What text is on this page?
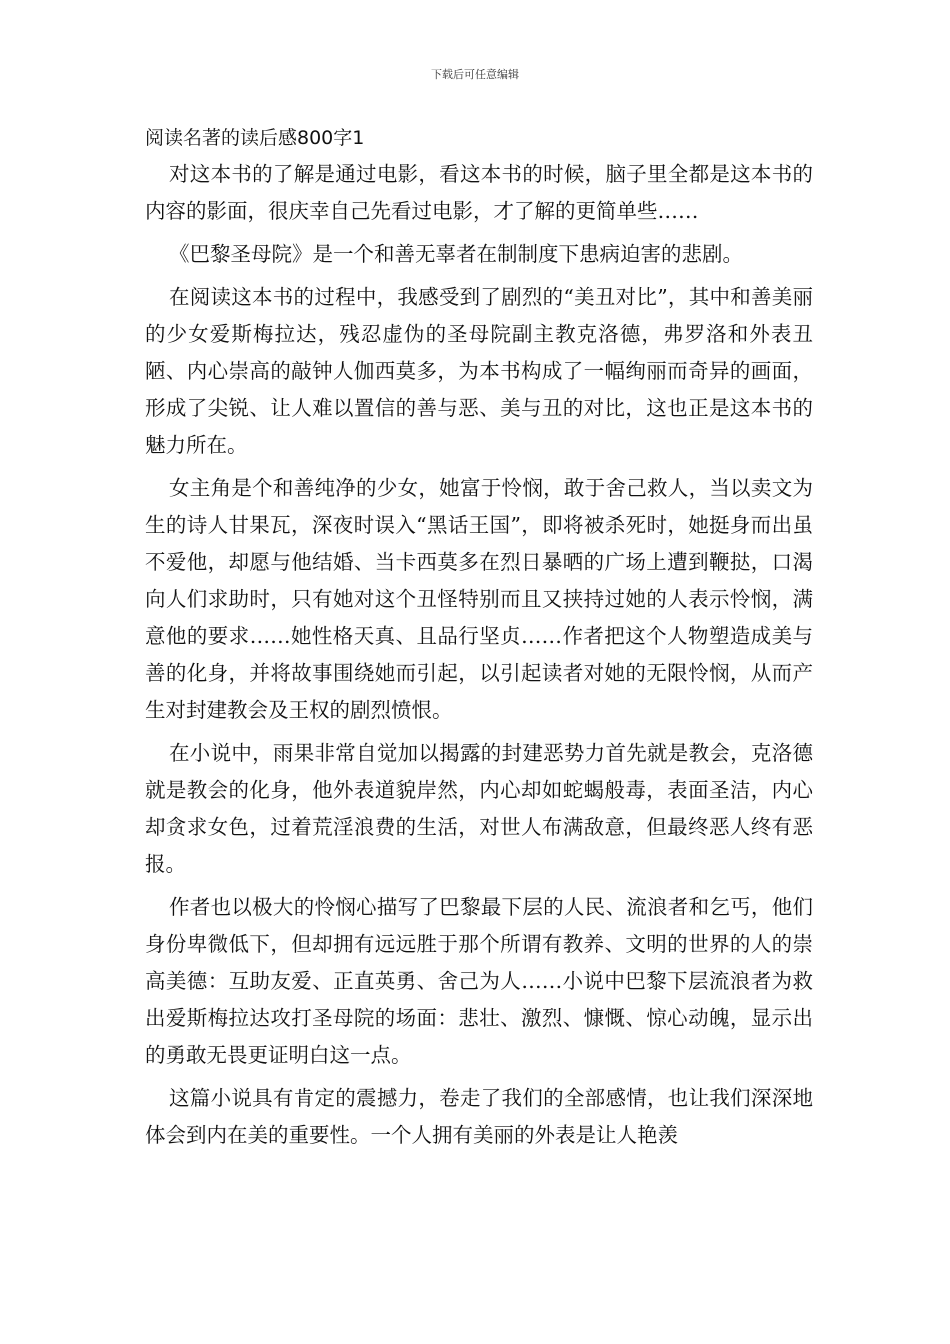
下载后可任意编辑
阅读名著的读后感800字1

对这本书的了解是通过电影，看这本书的时候，脑子里全都是这本书的内容的影面，很庆幸自己先看过电影，才了解的更简单些……

《巴黎圣母院》是一个和善无辜者在制制度下患病迫害的悲剧。

在阅读这本书的过程中，我感受到了剧烈的“美丑对比”，其中和善美丽的少女爱斯梅拉达，残忍虚伪的圣母院副主教克洛德，弗罗洛和外表丑陋、内心崇高的敲钟人伽西莫多，为本书构成了一幅绚丽而奇异的画面，形成了尖锐、让人难以置信的善与恶、美与丑的对比，这也正是这本书的魅力所在。

女主角是个和善纯净的少女，她富于怜悯，敢于舍己救人，当以卖文为生的诗人甘果瓦，深夜时误入“黑话王国”，即将被杀死时，她挺身而出虽不爱他，却愿与他结婚、当卡西莫多在烈日暴晒的广场上遭到鞭挞，口渴向人们求助时，只有她对这个丑怪特别而且又挟持过她的人表示怜悯，满意他的要求……她性格天真、且品行坚贞……作者把这个人物塑造成美与善的化身，并将故事围绕她而引起，以引起读者对她的无限怜悯，从而产生对封建教会及王权的剧烈愤恨。

在小说中，雨果非常自觉加以揭露的封建恶势力首先就是教会，克洛德就是教会的化身，他外表道貌岸然，内心却如蛇蝎般毒，表面圣洁，内心却贪求女色，过着荒淫浪费的生活，对世人布满敌意，但最终恶人终有恶报。

作者也以极大的怜悯心描写了巴黎最下层的人民、流浪者和乞丐，他们身份卑微低下，但却拥有远远胜于那个所谓有教养、文明的世界的人的崇高美德：互助友爱、正直英勇、舍己为人……小说中巴黎下层流浪者为救出爱斯梅拉达攻打圣母院的场面：悲壮、激烈、慷慨、惊心动魄，显示出的勇敢无畏更证明白这一点。

这篇小说具有肯定的震撼力，卷走了我们的全部感情，也让我们深深地体会到内在美的重要性。一个人拥有美丽的外表是让人艳羡
